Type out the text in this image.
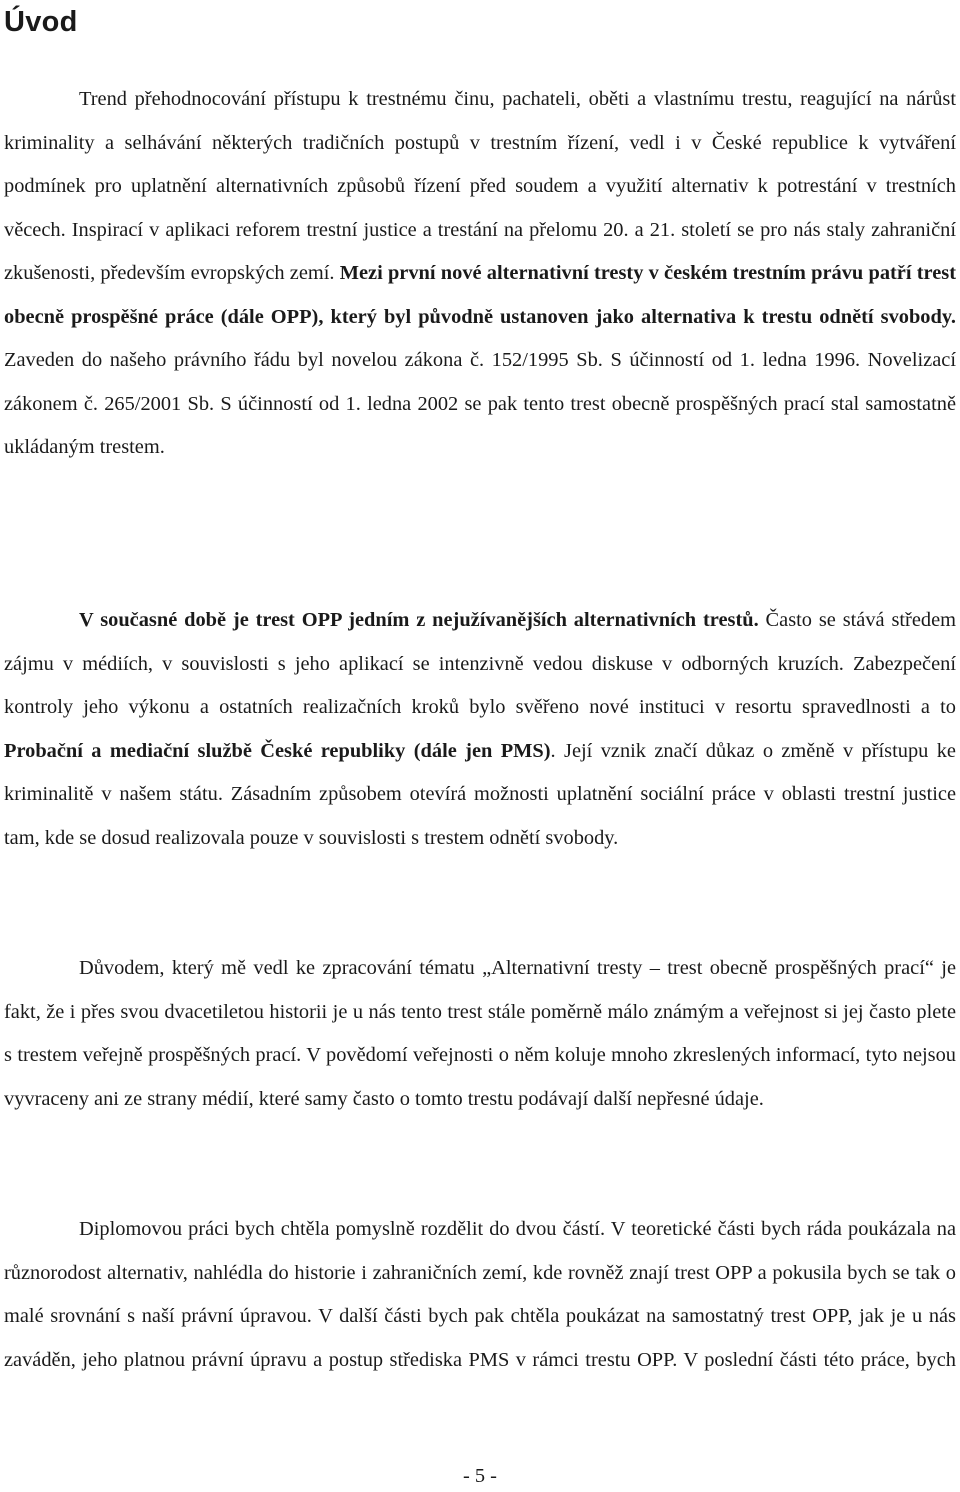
Úvod

Trend přehodnocování přístupu k trestnému činu, pachateli, oběti a vlastnímu trestu, reagující na nárůst kriminality a selhávání některých tradičních postupů v trestním řízení, vedl i v České republice k vytváření podmínek pro uplatnění alternativních způsobů řízení před soudem a využití alternativ k potrestání v trestních věcech. Inspirací v aplikaci reforem trestní justice a trestání na přelomu 20. a 21. století se pro nás staly zahraniční zkušenosti, především evropských zemí. Mezi první nové alternativní tresty v českém trestním právu patří trest obecně prospěšné práce (dále OPP), který byl původně ustanoven jako alternativa k trestu odnětí svobody. Zaveden do našeho právního řádu byl novelou zákona č. 152/1995 Sb. S účinností od 1. ledna 1996. Novelizací zákonem č. 265/2001 Sb. S účinností od 1. ledna 2002 se pak tento trest obecně prospěšných prací stal samostatně ukládaným trestem.

V současné době je trest OPP jedním z nejužívanějších alternativních trestů. Často se stává středem zájmu v médiích, v souvislosti s jeho aplikací se intenzivně vedou diskuse v odborných kruzích. Zabezpečení kontroly jeho výkonu a ostatních realizačních kroků bylo svěřeno nové instituci v resortu spravedlnosti a to Probační a mediační službě České republiky (dále jen PMS). Její vznik značí důkaz o změně v přístupu ke kriminalitě v našem státu. Zásadním způsobem otevírá možnosti uplatnění sociální práce v oblasti trestní justice tam, kde se dosud realizovala pouze v souvislosti s trestem odnětí svobody.

Důvodem, který mě vedl ke zpracování tématu „Alternativní tresty – trest obecně prospěšných prací“ je fakt, že i přes svou dvacetiletou historii je u nás tento trest stále poměrně málo známým a veřejnost si jej často plete s trestem veřejně prospěšných prací. V povědomí veřejnosti o něm koluje mnoho zkreslených informací, tyto nejsou vyvraceny ani ze strany médií, které samy často o tomto trestu podávají další nepřesné údaje.

Diplomovou práci bych chtěla pomyslně rozdělit do dvou částí. V teoretické části bych ráda poukázala na různorodost alternativ, nahlédla do historie i zahraničních zemí, kde rovněž znají trest OPP a pokusila bych se tak o malé srovnání s naší právní úpravou. V další části bych pak chtěla poukázat na samostatný trest OPP, jak je u nás zaváděn, jeho platnou právní úpravu a postup střediska PMS v rámci trestu OPP. V poslední části této práce, bych

- 5 -
